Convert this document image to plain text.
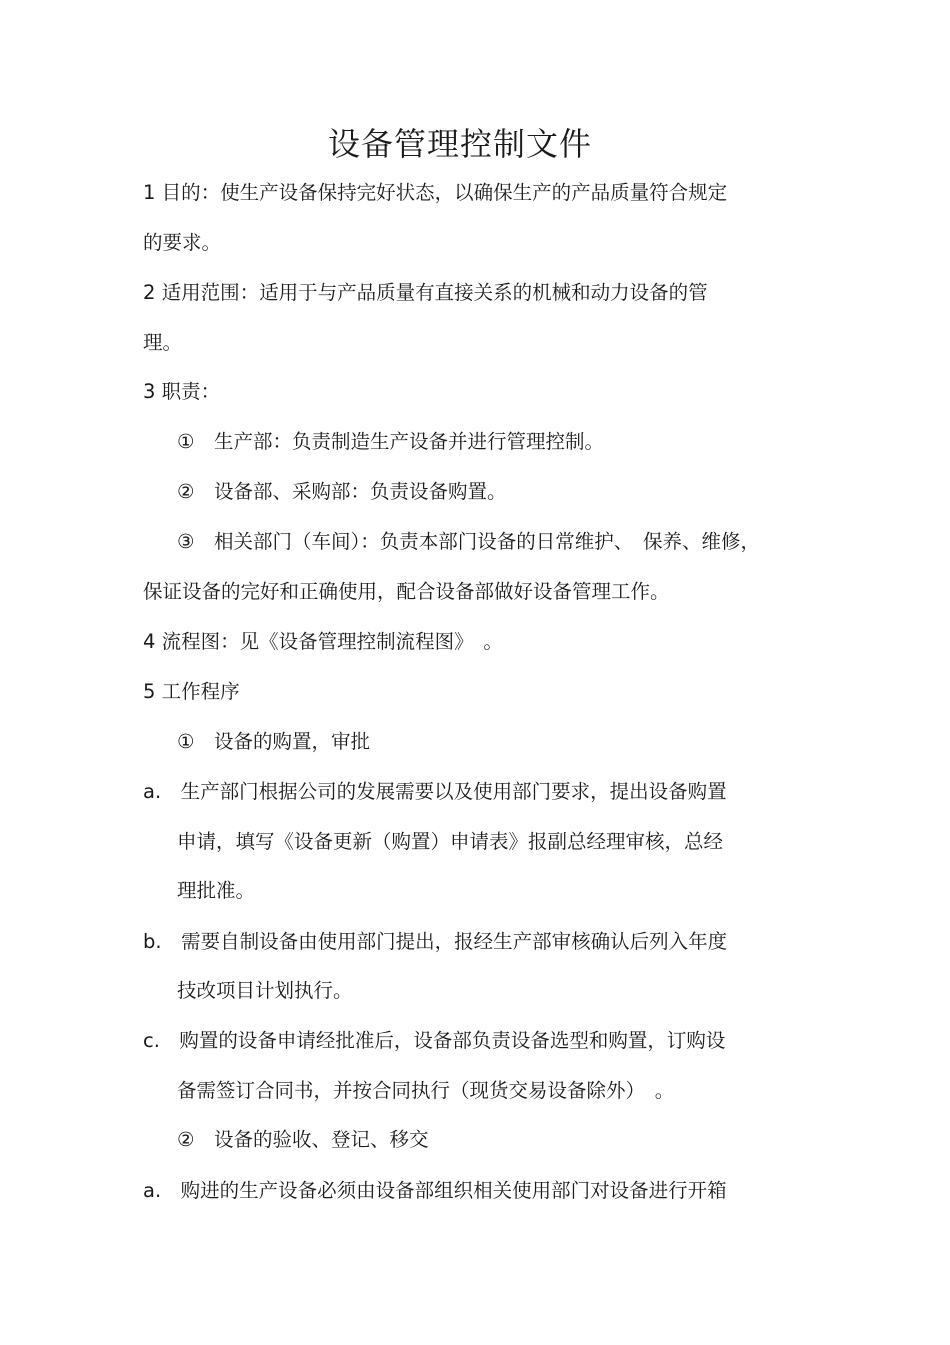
设备管理控制文件
1 目的：使生产设备保持完好状态，以确保生产的产品质量符合规定
的要求。
2 适用范围：适用于与产品质量有直接关系的机械和动力设备的管
理。
3 职责：
①　生产部：负责制造生产设备并进行管理控制。
②　设备部、采购部：负责设备购置。
③　相关部门（车间）：负责本部门设备的日常维护、　保养、维修，
保证设备的完好和正确使用，配合设备部做好设备管理工作。
4 流程图：见《设备管理控制流程图》　。
5 工作程序
①　设备的购置，审批
a.　生产部门根据公司的发展需要以及使用部门要求，提出设备购置
申请，填写《设备更新（购置）申请表》报副总经理审核，总经
理批准。
b.　需要自制设备由使用部门提出，报经生产部审核确认后列入年度
技改项目计划执行。
c.　购置的设备申请经批准后，设备部负责设备选型和购置，订购设
备需签订合同书，并按合同执行（现货交易设备除外）　。
②　设备的验收、登记、移交
a.　购进的生产设备必须由设备部组织相关使用部门对设备进行开箱
